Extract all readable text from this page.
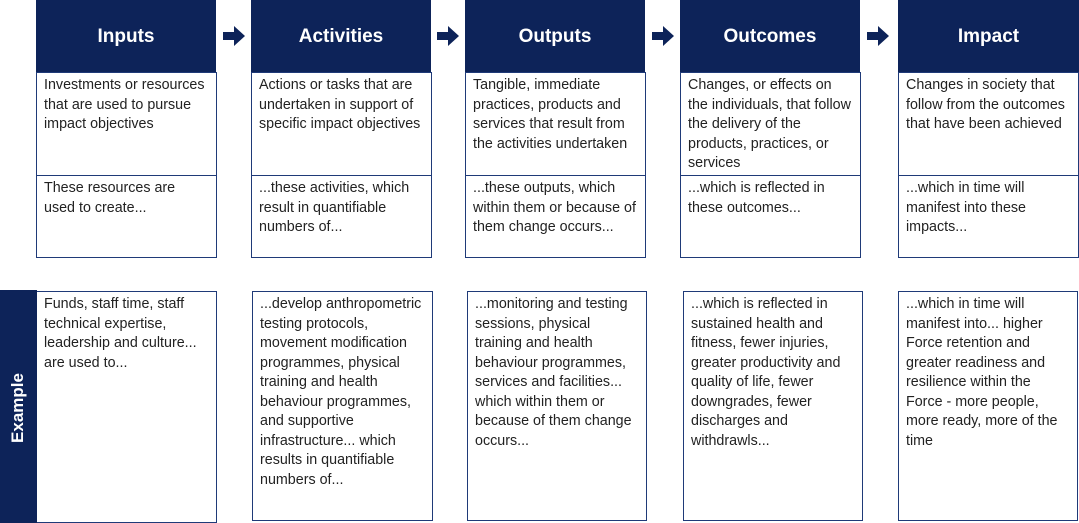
Inputs
Investments or resources that are used to pursue impact objectives
These resources are used to create...
Funds, staff time, staff technical expertise, leadership and culture... are used to...
Activities
Actions or tasks that are undertaken in support of specific impact objectives
...these activities, which result in quantifiable numbers of...
...develop anthropometric testing protocols, movement modification programmes, physical training and health behaviour programmes, and supportive infrastructure... which results in quantifiable numbers of...
Outputs
Tangible, immediate practices, products and services that result from the activities undertaken
...these outputs, which within them or because of them change occurs...
...monitoring and testing sessions, physical training and health behaviour programmes, services and facilities... which within them or because of them change occurs...
Outcomes
Changes, or effects on the individuals, that follow the delivery of the products, practices, or services
...which is reflected in these outcomes...
...which is reflected in sustained health and fitness, fewer injuries, greater productivity and quality of life, fewer downgrades, fewer discharges and withdrawls...
Impact
Changes in society that follow from the outcomes that have been achieved
...which in time will manifest into these impacts...
...which in time will manifest into... higher Force retention and greater readiness and resilience within the Force - more people, more ready, more of the time
Example
